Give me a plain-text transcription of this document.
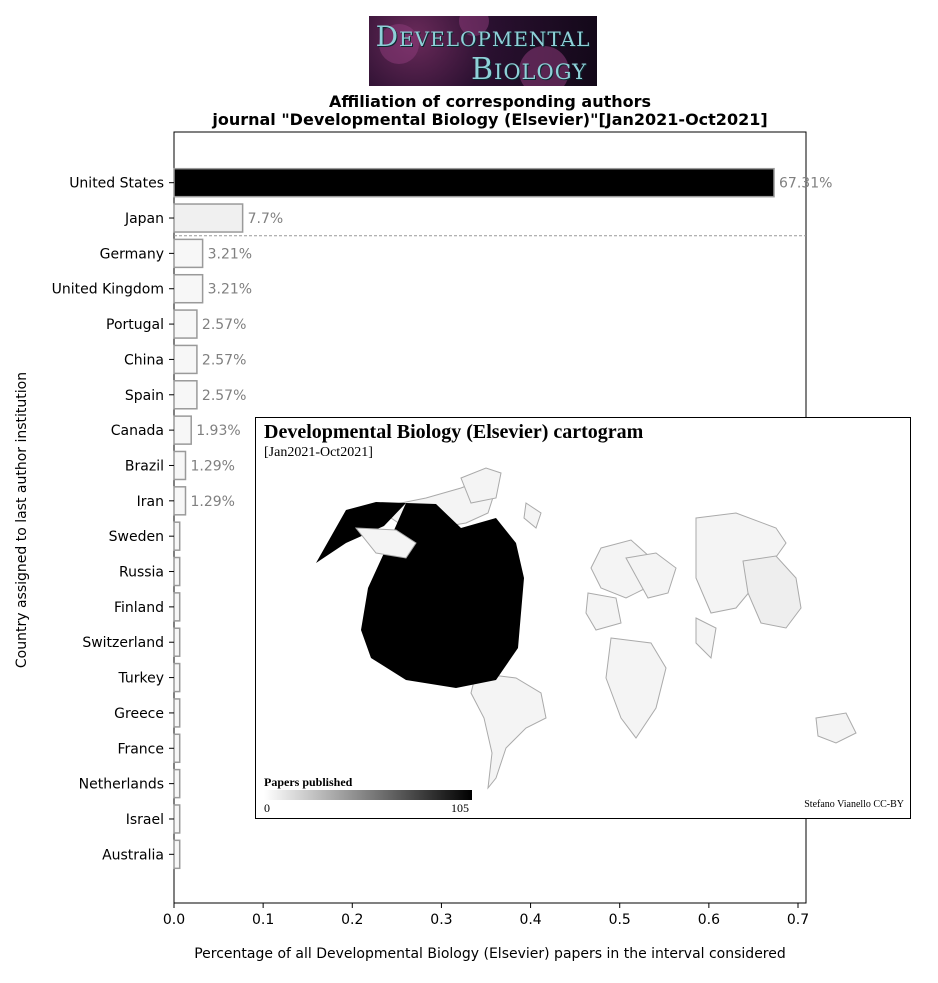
Developmental
Biology
Affiliation of corresponding authors
journal "Developmental Biology (Elsevier)"[Jan2021-Oct2021]
United States	67.31%
Japan	7.7%
Germany	3.21%
United Kingdom	3.21%
Portugal	2.57%
China	2.57%
Spain	2.57%
Canada 1.93%
Brazil 1.29%
Iran 1.29%
Sweden
Russia
Finland
Switzerland
Turkey
Greece
France
Netherlands
Israel
Australia
0.0	0.1	0.2	0.3	0.4	0.5	0.6	0.7
Country assigned to last author institution
Percentage of all Developmental Biology (Elsevier) papers in the interval considered
Developmental Biology (Elsevier) cartogram
[Jan2021-Oct2021]
Papers published
0	105	Stefano Vianello CC-BY
